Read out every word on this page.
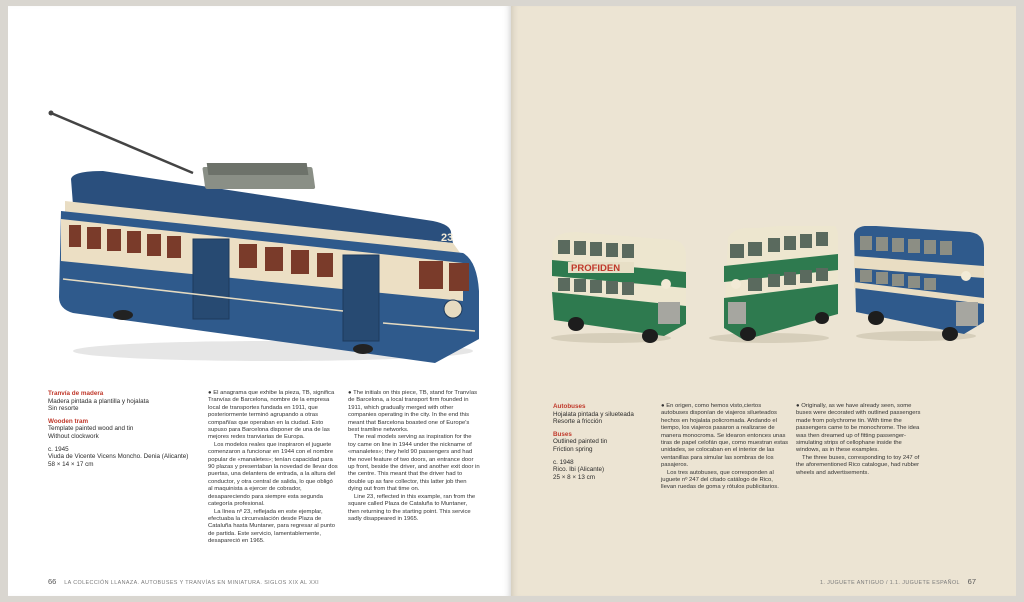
23
Tranvía de madera
Madera pintada a plantilla y hojalata
Sin resorte
Wooden tram
Template painted wood and tin
Without clockwork
c. 1945
Viuda de Vicente Vicens Moncho. Denia (Alicante)
58 × 14 × 17 cm

● El anagrama que exhibe la pieza, TB, significa Tranvías de Barcelona, nombre de la empresa local de transportes fundada en 1911, que posteriormente terminó agrupando a otras compañías que operaban en la ciudad. Esto supuso para Barcelona disponer de una de las mejores redes tranviarias de Europa.

Los modelos reales que inspiraron el juguete comenzaron a funcionar en 1944 con el nombre popular de «manaletes»; tenían capacidad para 90 plazas y presentaban la novedad de llevar dos puertas, una delantera de entrada, a la altura del conductor, y otra central de salida, lo que obligó al maquinista a ejercer de cobrador, desapareciendo para siempre esta segunda categoría profesional.

La línea nº 23, reflejada en este ejemplar, efectuaba la circunvalación desde Plaza de Cataluña hasta Muntaner, para regresar al punto de partida. Este servicio, lamentablemente, desapareció en 1965.

● The initials on this piece, TB, stand for Tranvías de Barcelona, a local transport firm founded in 1911, which gradually merged with other companies operating in the city. In the end this meant that Barcelona boasted one of Europe's best tramline networks.

The real models serving as inspiration for the toy came on line in 1944 under the nickname of «manaletes»; they held 90 passengers and had the novel feature of two doors, an entrance door up front, beside the driver, and another exit door in the centre. This meant that the driver had to double up as fare collector, this latter job then dying out from that time on.

Line 23, reflected in this example, ran from the square called Plaza de Cataluña to Muntaner, then returning to the starting point. This service sadly disappeared in 1965.

66 LA COLECCIÓN LLANAZA. AUTOBUSES Y TRANVÍAS EN MINIATURA. SIGLOS XIX AL XXI
PROFIDEN
Autobuses
Hojalata pintada y silueteada
Resorte a fricción
Buses
Outlined painted tin
Friction spring
c. 1948
Rico. Ibi (Alicante)
25 × 8 × 13 cm

● En origen, como hemos visto,ciertos autobuses disponían de viajeros silueteados hechos en hojalata policromada. Andando el tiempo, los viajeros pasaron a realizarse de manera monocroma. Se idearon entonces unas tiras de papel celofán que, como muestran estas unidades, se colocaban en el interior de las ventanillas para simular las sombras de los pasajeros.

Los tres autobuses, que corresponden al juguete nº 247 del citado catálogo de Rico, llevan ruedas de goma y rótulos publicitarios.

● Originally, as we have already seen, some buses were decorated with outlined passengers made from polychrome tin. With time the passengers came to be monochrome. The idea was then dreamed up of fitting passenger-simulating strips of cellophane inside the windows, as in these examples.

The three buses, corresponding to toy 247 of the aforementioned Rico catalogue, had rubber wheels and advertisements.

1. JUGUETE ANTIGUO / 1.1. JUGUETE ESPAÑOL 67
